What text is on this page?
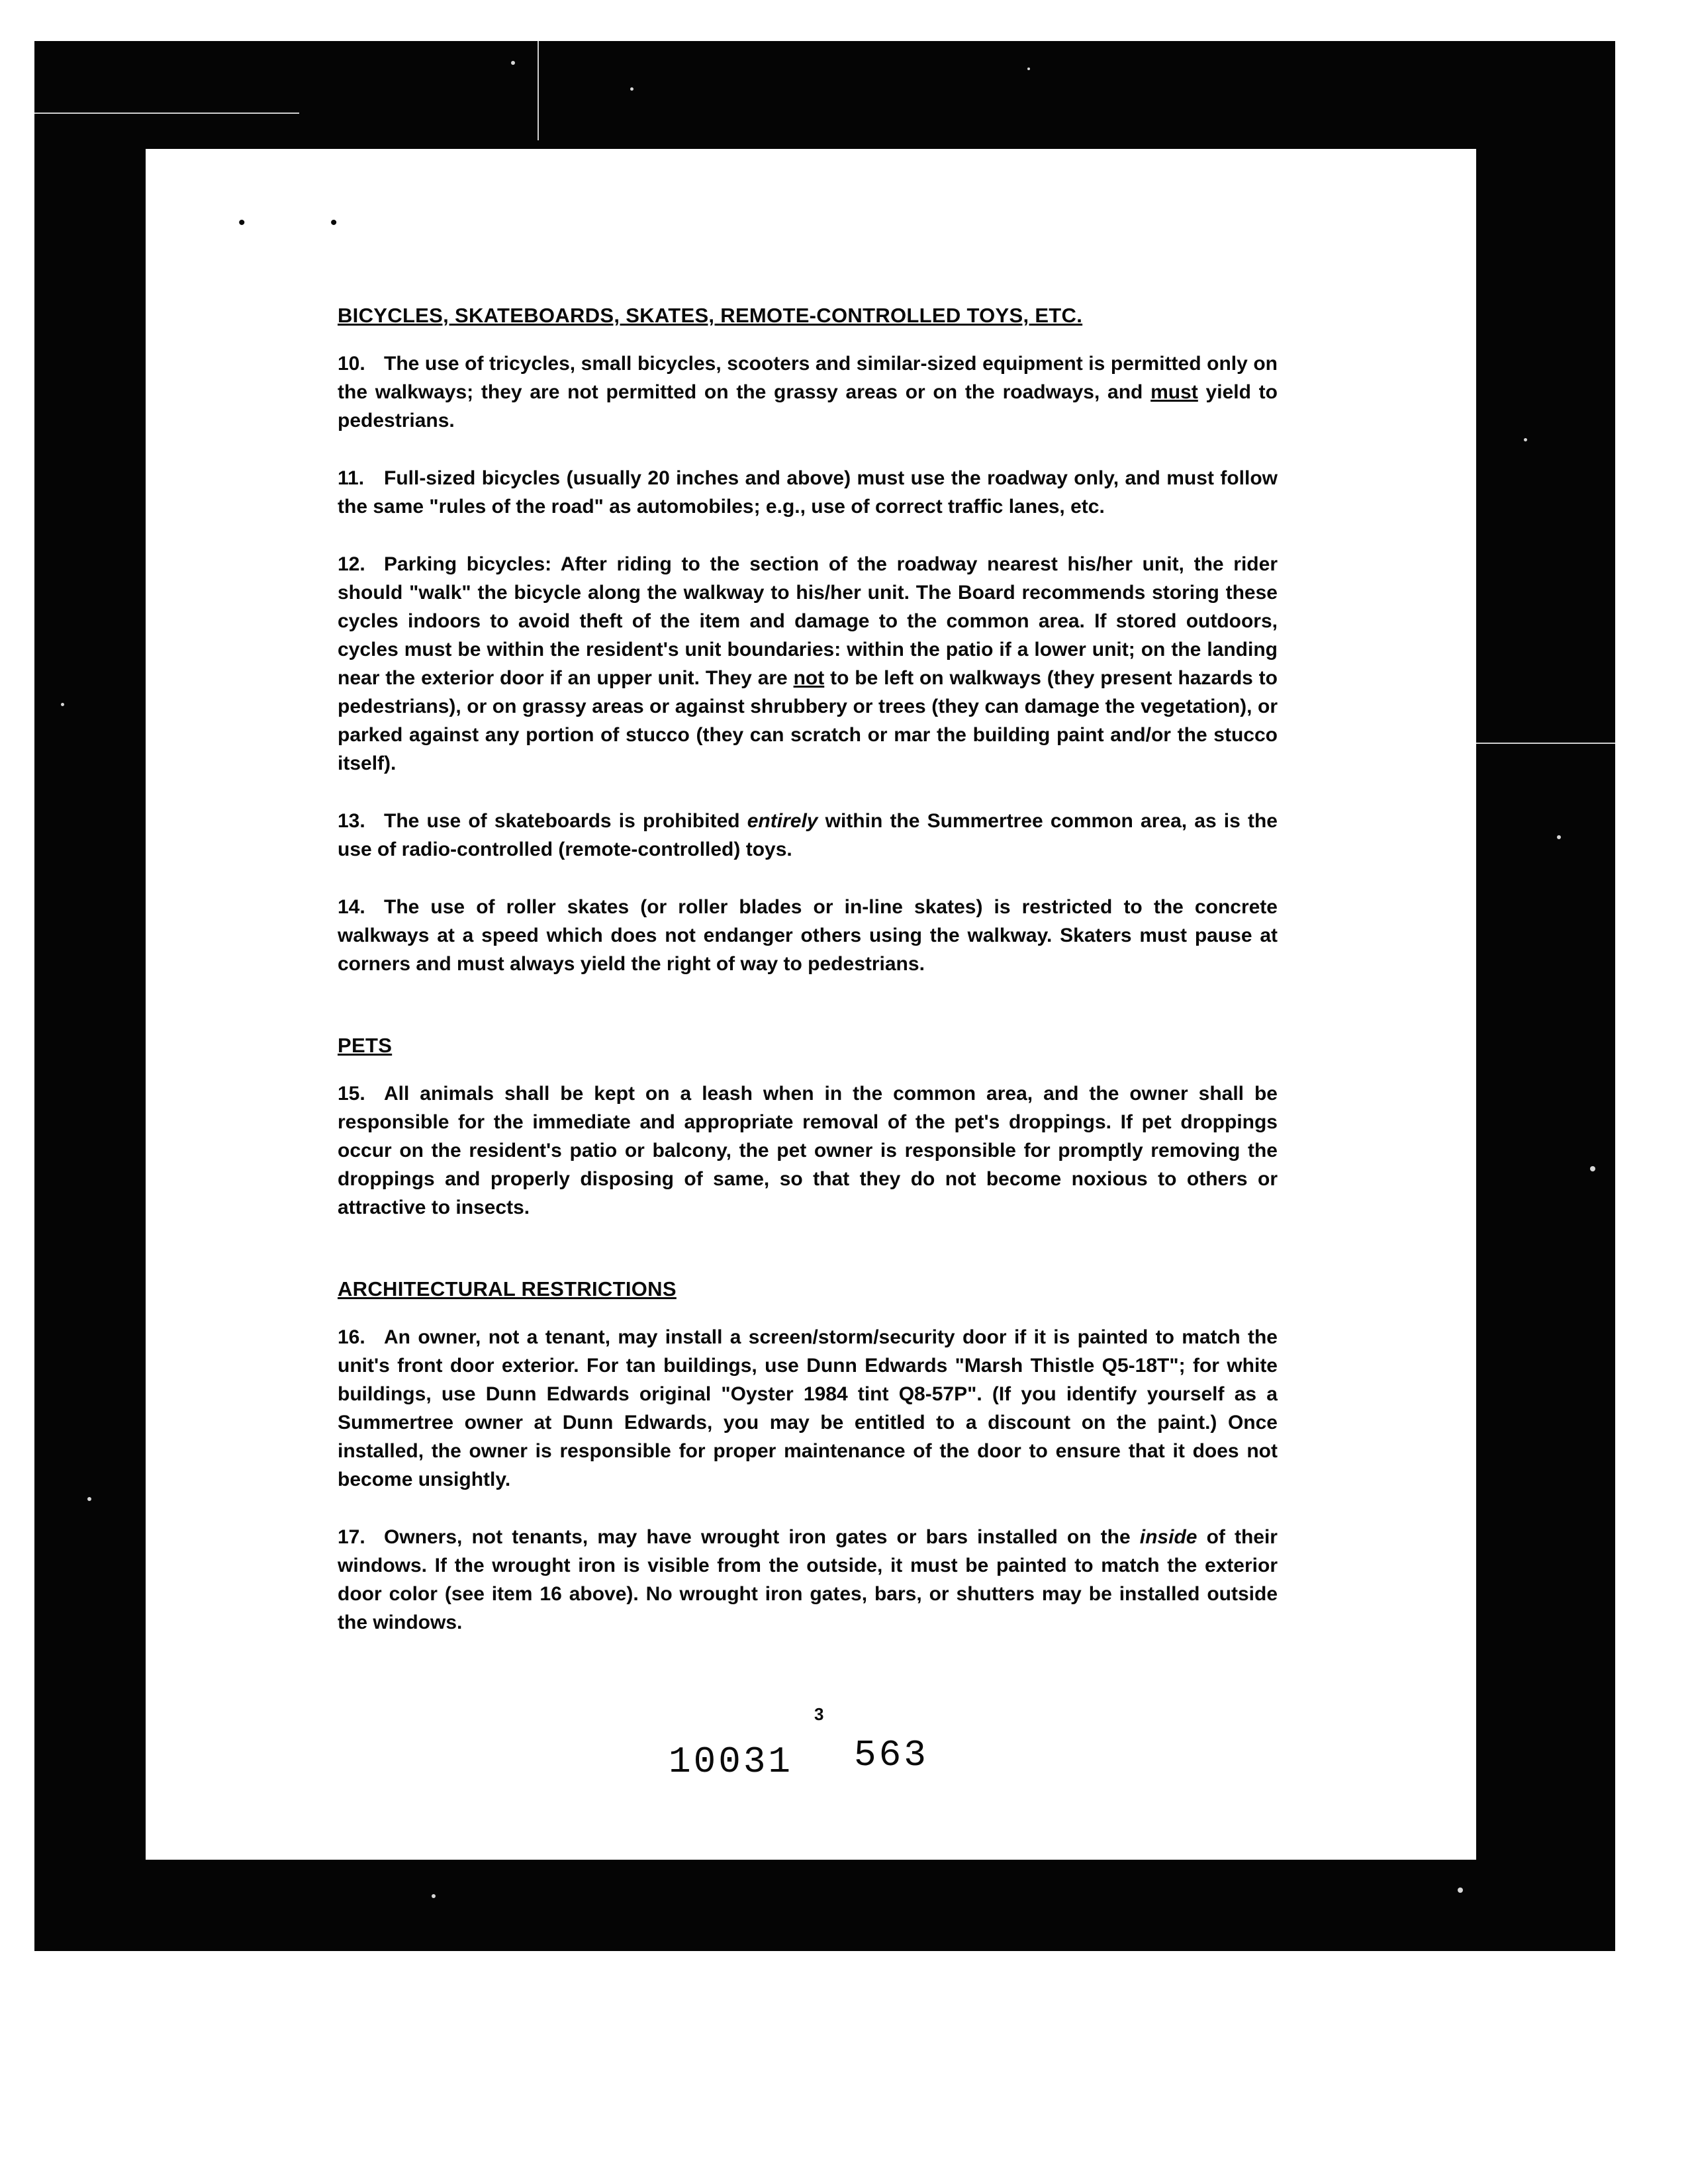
• •
BICYCLES, SKATEBOARDS, SKATES, REMOTE-CONTROLLED TOYS, ETC.

10. The use of tricycles, small bicycles, scooters and similar-sized equipment is permitted only on the walkways; they are not permitted on the grassy areas or on the roadways, and must yield to pedestrians.

11. Full-sized bicycles (usually 20 inches and above) must use the roadway only, and must follow the same "rules of the road" as automobiles; e.g., use of correct traffic lanes, etc.

12. Parking bicycles: After riding to the section of the roadway nearest his/her unit, the rider should "walk" the bicycle along the walkway to his/her unit. The Board recommends storing these cycles indoors to avoid theft of the item and damage to the common area. If stored outdoors, cycles must be within the resident's unit boundaries: within the patio if a lower unit; on the landing near the exterior door if an upper unit. They are not to be left on walkways (they present hazards to pedestrians), or on grassy areas or against shrubbery or trees (they can damage the vegetation), or parked against any portion of stucco (they can scratch or mar the building paint and/or the stucco itself).

13. The use of skateboards is prohibited entirely within the Summertree common area, as is the use of radio-controlled (remote-controlled) toys.

14. The use of roller skates (or roller blades or in-line skates) is restricted to the concrete walkways at a speed which does not endanger others using the walkway. Skaters must pause at corners and must always yield the right of way to pedestrians.

PETS

15. All animals shall be kept on a leash when in the common area, and the owner shall be responsible for the immediate and appropriate removal of the pet's droppings. If pet droppings occur on the resident's patio or balcony, the pet owner is responsible for promptly removing the droppings and properly disposing of same, so that they do not become noxious to others or attractive to insects.

ARCHITECTURAL RESTRICTIONS

16. An owner, not a tenant, may install a screen/storm/security door if it is painted to match the unit's front door exterior. For tan buildings, use Dunn Edwards "Marsh Thistle Q5-18T"; for white buildings, use Dunn Edwards original "Oyster 1984 tint Q8-57P". (If you identify yourself as a Summertree owner at Dunn Edwards, you may be entitled to a discount on the paint.) Once installed, the owner is responsible for proper maintenance of the door to ensure that it does not become unsightly.

17. Owners, not tenants, may have wrought iron gates or bars installed on the inside of their windows. If the wrought iron is visible from the outside, it must be painted to match the exterior door color (see item 16 above). No wrought iron gates, bars, or shutters may be installed outside the windows.

3
10031 563
